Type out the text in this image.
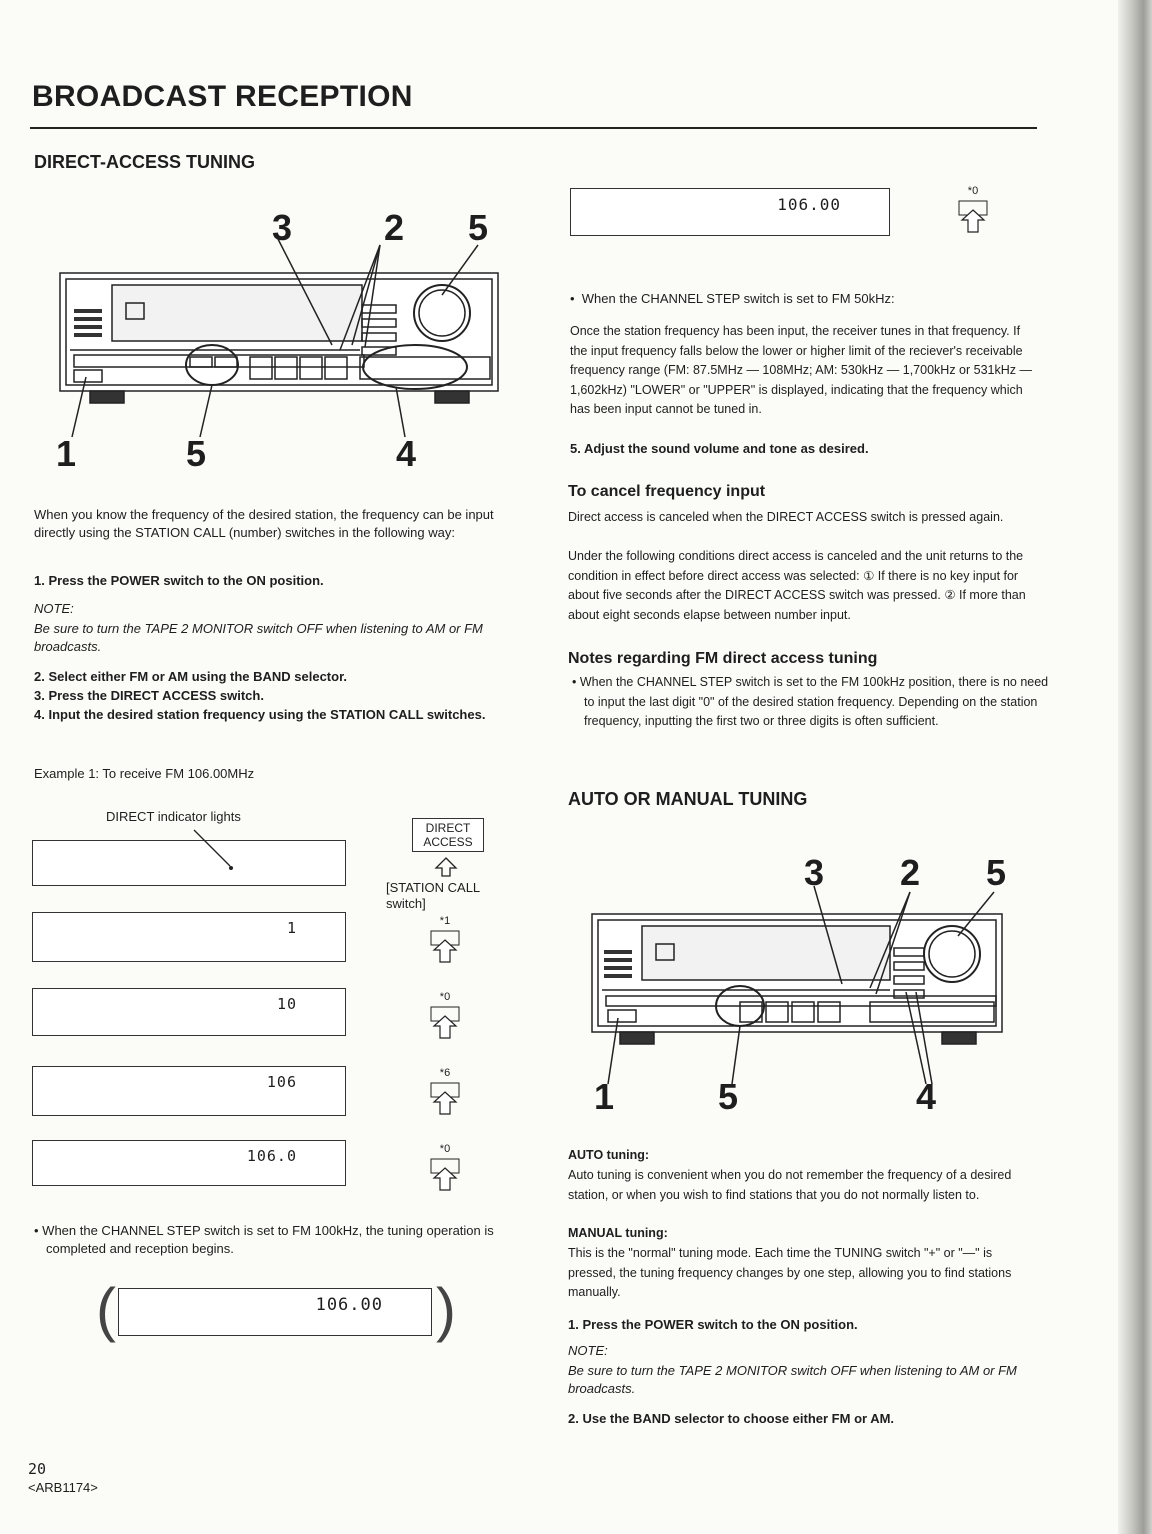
BROADCAST RECEPTION
DIRECT-ACCESS TUNING
3	2 5
1	5	4
When you know the frequency of the desired station, the frequency can be input directly using the STATION CALL (number) switches in the following way:
1. Press the POWER switch to the ON position.
NOTE:
Be sure to turn the TAPE 2 MONITOR switch OFF when listening to AM or FM broadcasts.
2. Select either FM or AM using the BAND selector.
3. Press the DIRECT ACCESS switch.
4. Input the desired station frequency using the STATION CALL switches.
Example 1: To receive FM 106.00MHz
DIRECT indicator lights
1
10
106
106.0
DIRECT ACCESS
[STATION CALL switch]
*1
*0
*6
*0
• When the CHANNEL STEP switch is set to FM 100kHz, the tuning operation is completed and reception begins.
(	106.00 )
106.00
*0
•  When the CHANNEL STEP switch is set to FM 50kHz:
Once the station frequency has been input, the receiver tunes in that frequency. If the input frequency falls below the lower or higher limit of the reciever's receivable frequency range (FM: 87.5MHz — 108MHz; AM: 530kHz — 1,700kHz or 531kHz — 1,602kHz) "LOWER" or "UPPER" is displayed, indicating that the frequency which has been input cannot be tuned in.
5. Adjust the sound volume and tone as desired.
To cancel frequency input
Direct access is canceled when the DIRECT ACCESS switch is pressed again.
Under the following conditions direct access is canceled and the unit returns to the condition in effect before direct access was selected: ① If there is no key input for about five seconds after the DIRECT ACCESS switch was pressed. ② If more than about eight seconds elapse between number input.
Notes regarding FM direct access tuning
• When the CHANNEL STEP switch is set to the FM 100kHz position, there is no need to input the last digit "0" of the desired station frequency. Depending on the station frequency, inputting the first two or three digits is often sufficient.
AUTO OR MANUAL TUNING
3 2 5
1	5	4
AUTO tuning:
Auto tuning is convenient when you do not remember the frequency of a desired station, or when you wish to find stations that you do not normally listen to.
MANUAL tuning:
This is the "normal" tuning mode. Each time the TUNING switch "+" or "—" is pressed, the tuning frequency changes by one step, allowing you to find stations manually.
1. Press the POWER switch to the ON position.
NOTE:
Be sure to turn the TAPE 2 MONITOR switch OFF when listening to AM or FM broadcasts.
2. Use the BAND selector to choose either FM or AM.
20
<ARB1174>
